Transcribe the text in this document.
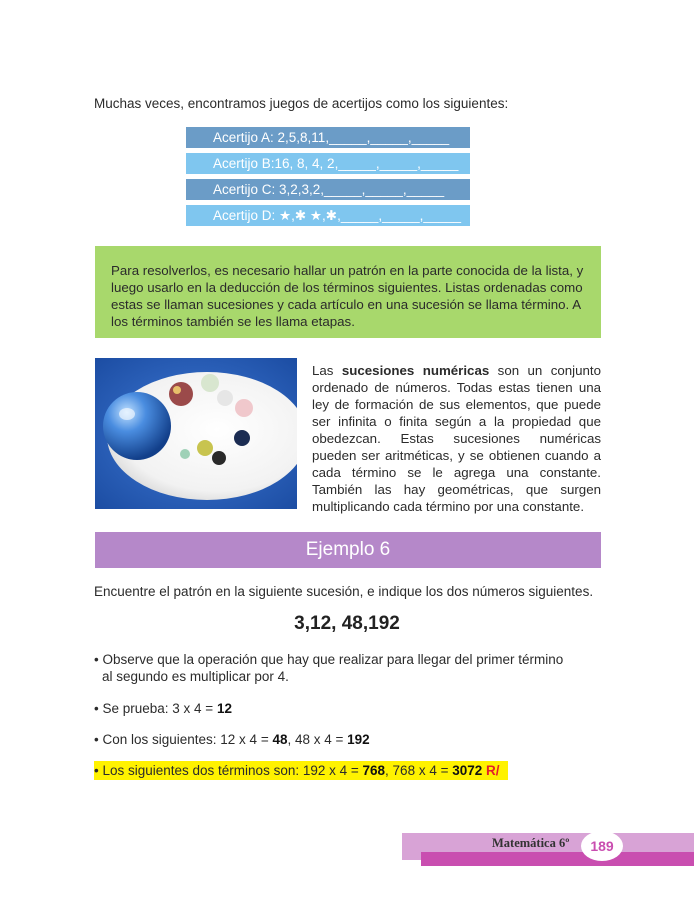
Muchas veces, encontramos juegos de acertijos como los siguientes:
Acertijo A: 2,5,8,11,_____,_____,_____
Acertijo B:16, 8, 4, 2,_____,_____,_____
Acertijo C: 3,2,3,2,_____,_____,_____
Acertijo D: ★,✱ ★,✱,_____,_____,_____
Para resolverlos, es necesario hallar un patrón en la parte conocida de la lista, y luego usarlo en la deducción de los términos siguientes. Listas ordenadas como estas se llaman sucesiones y cada artículo en una sucesión se llama término. A los términos también se les llama etapas.
Las sucesiones numéricas son un conjunto ordenado de números. Todas estas tienen una ley de formación de sus elementos, que puede ser infinita o finita según a la propiedad que obedezcan. Estas sucesiones numéricas pueden ser aritméticas, y se obtienen cuando a cada término se le agrega una constante. También las hay geométricas, que surgen multiplicando cada término por una constante.
Ejemplo 6
Encuentre el patrón en la siguiente sucesión, e indique los dos números siguientes.
3,12, 48,192
• Observe que la operación que hay que realizar para llegar del primer término
al segundo es multiplicar por 4.
• Se prueba: 3 x 4 = 12
• Con los siguientes: 12 x 4 = 48, 48 x 4 = 192
• Los siguientes dos términos son: 192 x 4 = 768, 768 x 4 = 3072 R/
Matemática 6º	189
